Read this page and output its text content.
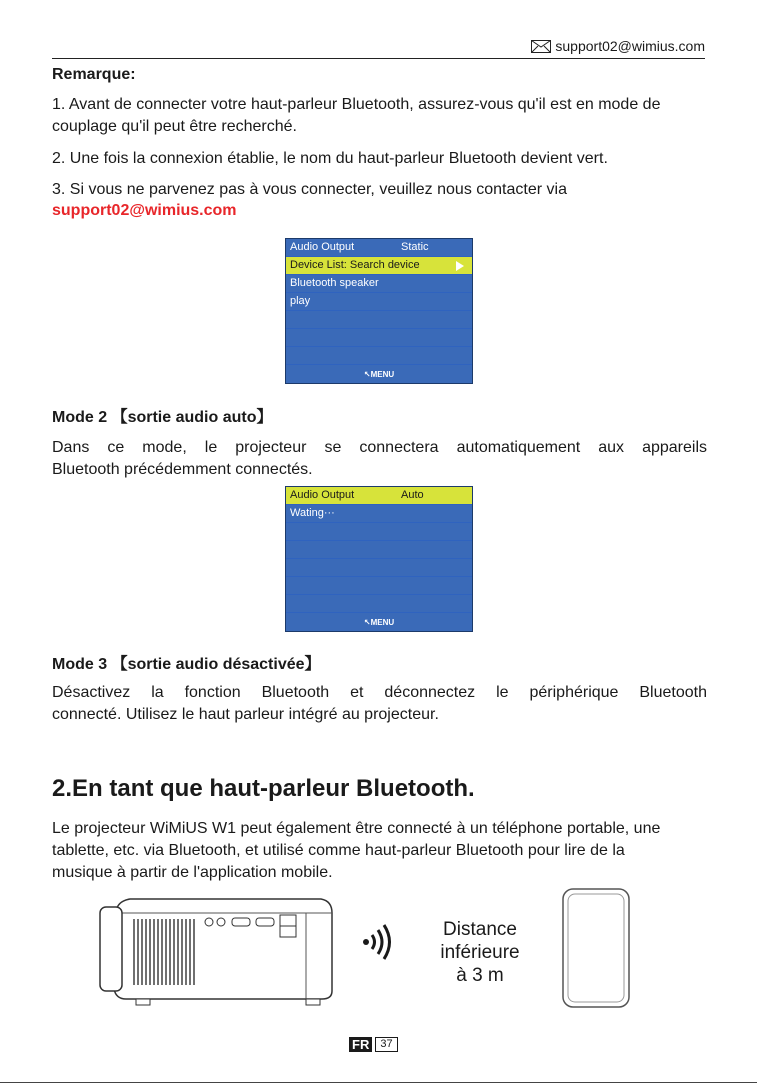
support02@wimius.com
Remarque:
1. Avant de connecter votre haut-parleur Bluetooth, assurez-vous qu'il est en mode de couplage qu'il peut être recherché.
2. Une fois la connexion établie, le nom du haut-parleur Bluetooth devient vert.
3. Si vous ne parvenez pas à vous connecter, veuillez nous contacter via
support02@wimius.com
Audio Output	Static
Device List: Search device
Bluetooth speaker
play
↖ MENU
Mode 2 【sortie audio auto】
Dans ce mode, le projecteur se connectera automatiquement aux appareils
Bluetooth précédemment connectés.
Audio Output	Auto
Wating···
↖ MENU
Mode 3 【sortie audio désactivée】
Désactivez la fonction Bluetooth et déconnectez le périphérique Bluetooth
connecté. Utilisez le haut parleur intégré au projecteur.
2.En tant que haut-parleur Bluetooth.
Le projecteur WiMiUS W1 peut également être connecté à un téléphone portable, une
tablette, etc. via Bluetooth, et utilisé comme haut-parleur Bluetooth pour lire de la
musique à partir de l'application mobile.
Distance
inférieure
à 3 m
FR	37
